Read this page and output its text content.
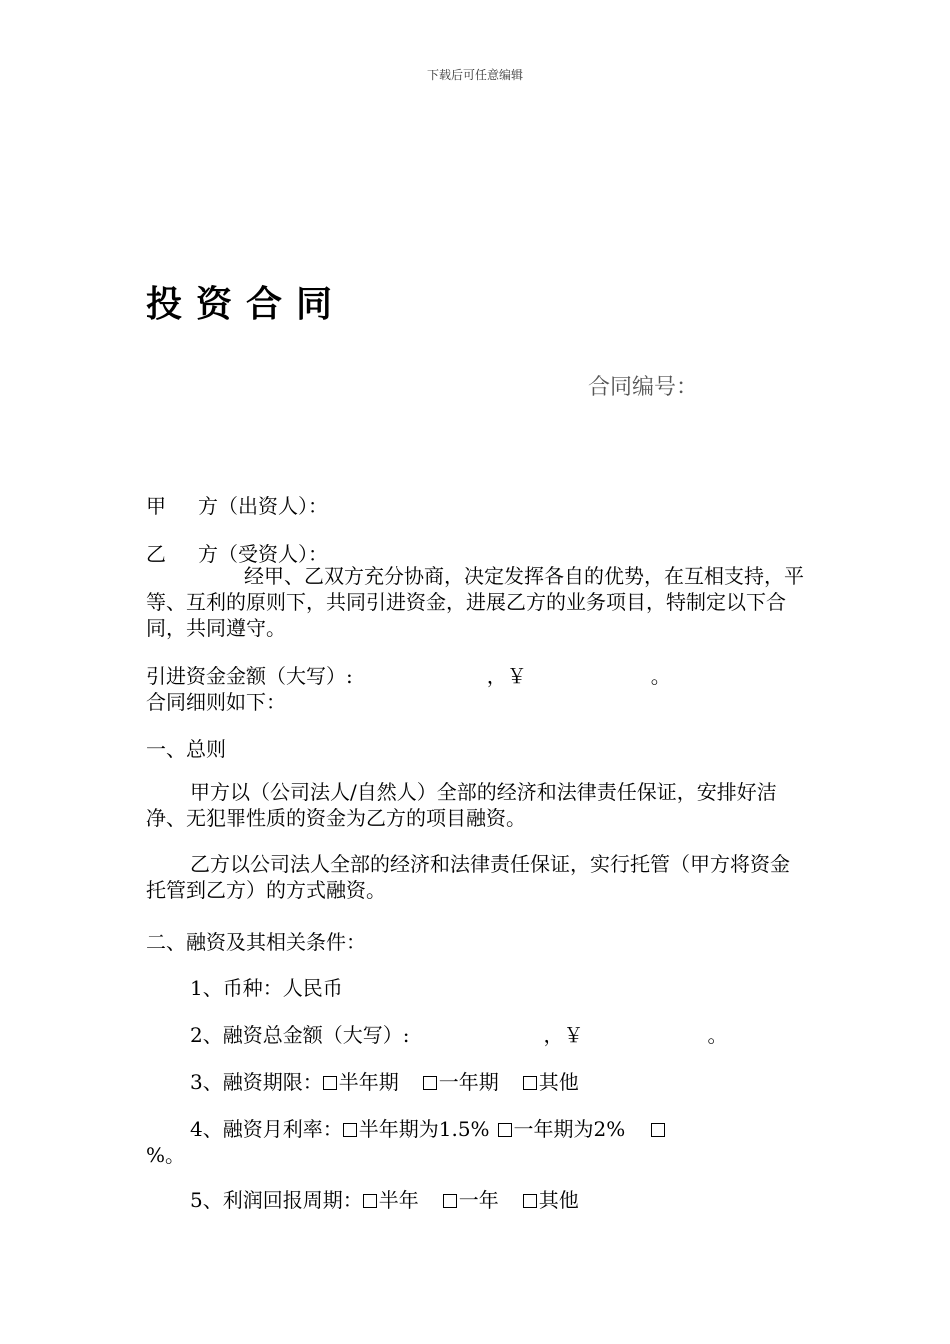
下载后可任意编辑
投资合同
合同编号：
甲 方（出资人）：
乙 方（受资人）：
经甲、乙双方充分协商，决定发挥各自的优势，在互相支持，平等、互利的原则下，共同引进资金，进展乙方的业务项目，特制定以下合同，共同遵守。
引进资金金额（大写）:	，￥	。
合同细则如下：
一、总则
甲方以（公司法人/自然人）全部的经济和法律责任保证，安排好洁净、无犯罪性质的资金为乙方的项目融资。
乙方以公司法人全部的经济和法律责任保证，实行托管（甲方将资金托管到乙方）的方式融资。
二、融资及其相关条件：
1、币种：人民币
2、融资总金额（大写）:	，￥	。
3、融资期限： 半年期 一年期 其他
4、融资月利率： 半年期为1.5% 一年期为2%
%。
5、利润回报周期： 半年 一年 其他
